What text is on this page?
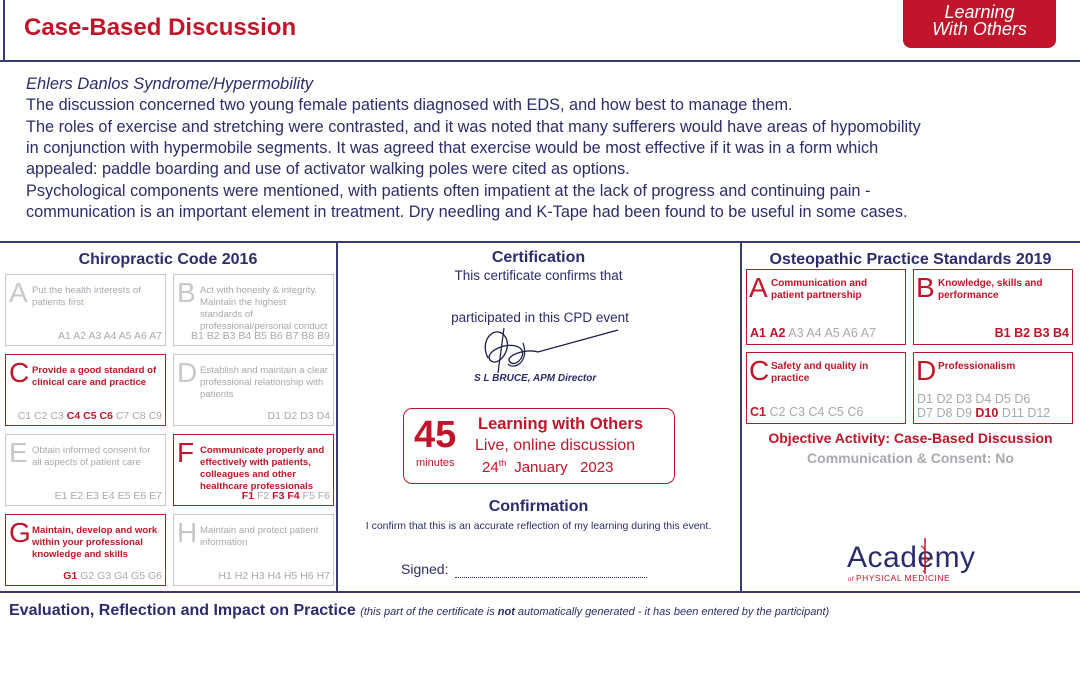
Case-Based Discussion
Learning
With Others
Ehlers Danlos Syndrome/Hypermobility
The discussion concerned two young female patients diagnosed with EDS, and how best to manage them.
The roles of exercise and stretching were contrasted, and it was noted that many sufferers would have areas of hypomobility
in conjunction with hypermobile segments. It was agreed that exercise would be most effective if it was in a form which
appealed: paddle boarding and use of activator walking poles were cited as options.
Psychological components were mentioned, with patients often impatient at the lack of progress and continuing pain -
communication is an important element in treatment. Dry needling and K-Tape had been found to be useful in some cases.
Chiropractic Code 2016
A Put the health interests of patients first
A1 A2 A3 A4 A5 A6 A7
B Act with honesty & integrity. Maintain the highest standards of professional/personal conduct
B1 B2 B3 B4 B5 B6 B7 B8 B9
C Provide a good standard of clinical care and practice
C1 C2 C3 C4 C5 C6 C7 C8 C9
D Establish and maintain a clear professional relationship with patients
D1 D2 D3 D4
E Obtain informed consent for all aspects of patient care
E1 E2 E3 E4 E5 E6 E7
F Communicate properly and effectively with patients, colleagues and other healthcare professionals
F1 F2 F3 F4 F5 F6
G Maintain, develop and work within your professional knowledge and skills
G1 G2 G3 G4 G5 G6
H Maintain and protect patient information
H1 H2 H3 H4 H5 H6 H7
Certification
This certificate confirms that
participated in this CPD event
S L BRUCE, APM Director
45
minutes
Learning with Others
Live, online discussion
24th January   2023
Confirmation
I confirm that this is an accurate reflection of my learning during this event.
Signed:
Osteopathic Practice Standards 2019
A Communication and patient partnership
A1 A2 A3 A4 A5 A6 A7
B Knowledge, skills and performance
B1 B2 B3 B4
C Safety and quality in practice
C1 C2 C3 C4 C5 C6
D Professionalism
D1 D2 D3 D4 D5 D6
D7 D8 D9 D10 D11 D12
Objective Activity: Case-Based Discussion
Communication & Consent: No
Academy
of PHYSICAL MEDICINE
Evaluation, Reflection and Impact on Practice (this part of the certificate is not automatically generated - it has been entered by the participant)
